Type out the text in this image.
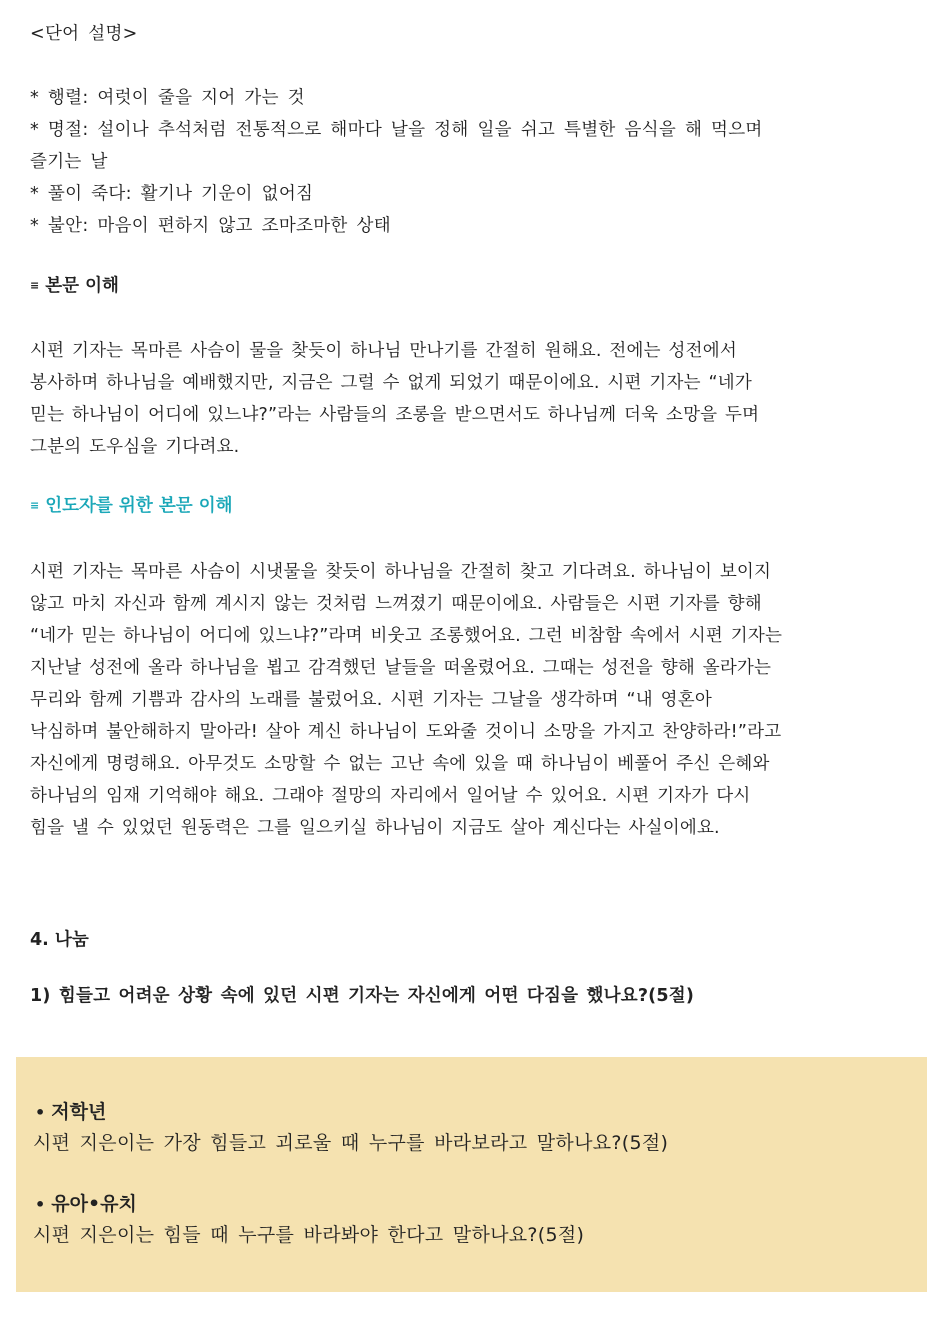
<단어 설명>
* 행렬: 여럿이 줄을 지어 가는 것
* 명절: 설이나 추석처럼 전통적으로 해마다 날을 정해 일을 쉬고 특별한 음식을 해 먹으며
즐기는 날
* 풀이 죽다: 활기나 기운이 없어짐
* 불안: 마음이 편하지 않고 조마조마한 상태
≡ 본문 이해
시편 기자는 목마른 사슴이 물을 찾듯이 하나님 만나기를 간절히 원해요. 전에는 성전에서
봉사하며 하나님을 예배했지만, 지금은 그럴 수 없게 되었기 때문이에요. 시편 기자는 “네가
믿는 하나님이 어디에 있느냐?”라는 사람들의 조롱을 받으면서도 하나님께 더욱 소망을 두며
그분의 도우심을 기다려요.
≡ 인도자를 위한 본문 이해
시편 기자는 목마른 사슴이 시냇물을 찾듯이 하나님을 간절히 찾고 기다려요. 하나님이 보이지
않고 마치 자신과 함께 계시지 않는 것처럼 느껴졌기 때문이에요. 사람들은 시편 기자를 향해
“네가 믿는 하나님이 어디에 있느냐?”라며 비웃고 조롱했어요. 그런 비참함 속에서 시편 기자는
지난날 성전에 올라 하나님을 뵙고 감격했던 날들을 떠올렸어요. 그때는 성전을 향해 올라가는
무리와 함께 기쁨과 감사의 노래를 불렀어요. 시편 기자는 그날을 생각하며 “내 영혼아
낙심하며 불안해하지 말아라! 살아 계신 하나님이 도와줄 것이니 소망을 가지고 찬양하라!”라고
자신에게 명령해요. 아무것도 소망할 수 없는 고난 속에 있을 때 하나님이 베풀어 주신 은혜와
하나님의 임재 기억해야 해요. 그래야 절망의 자리에서 일어날 수 있어요. 시편 기자가 다시
힘을 낼 수 있었던 원동력은 그를 일으키실 하나님이 지금도 살아 계신다는 사실이에요.
4. 나눔
1) 힘들고 어려운 상황 속에 있던 시편 기자는 자신에게 어떤 다짐을 했나요?(5절)
• 저학년
시편 지은이는 가장 힘들고 괴로울 때 누구를 바라보라고 말하나요?(5절)
• 유아•유치
시편 지은이는 힘들 때 누구를 바라봐야 한다고 말하나요?(5절)
